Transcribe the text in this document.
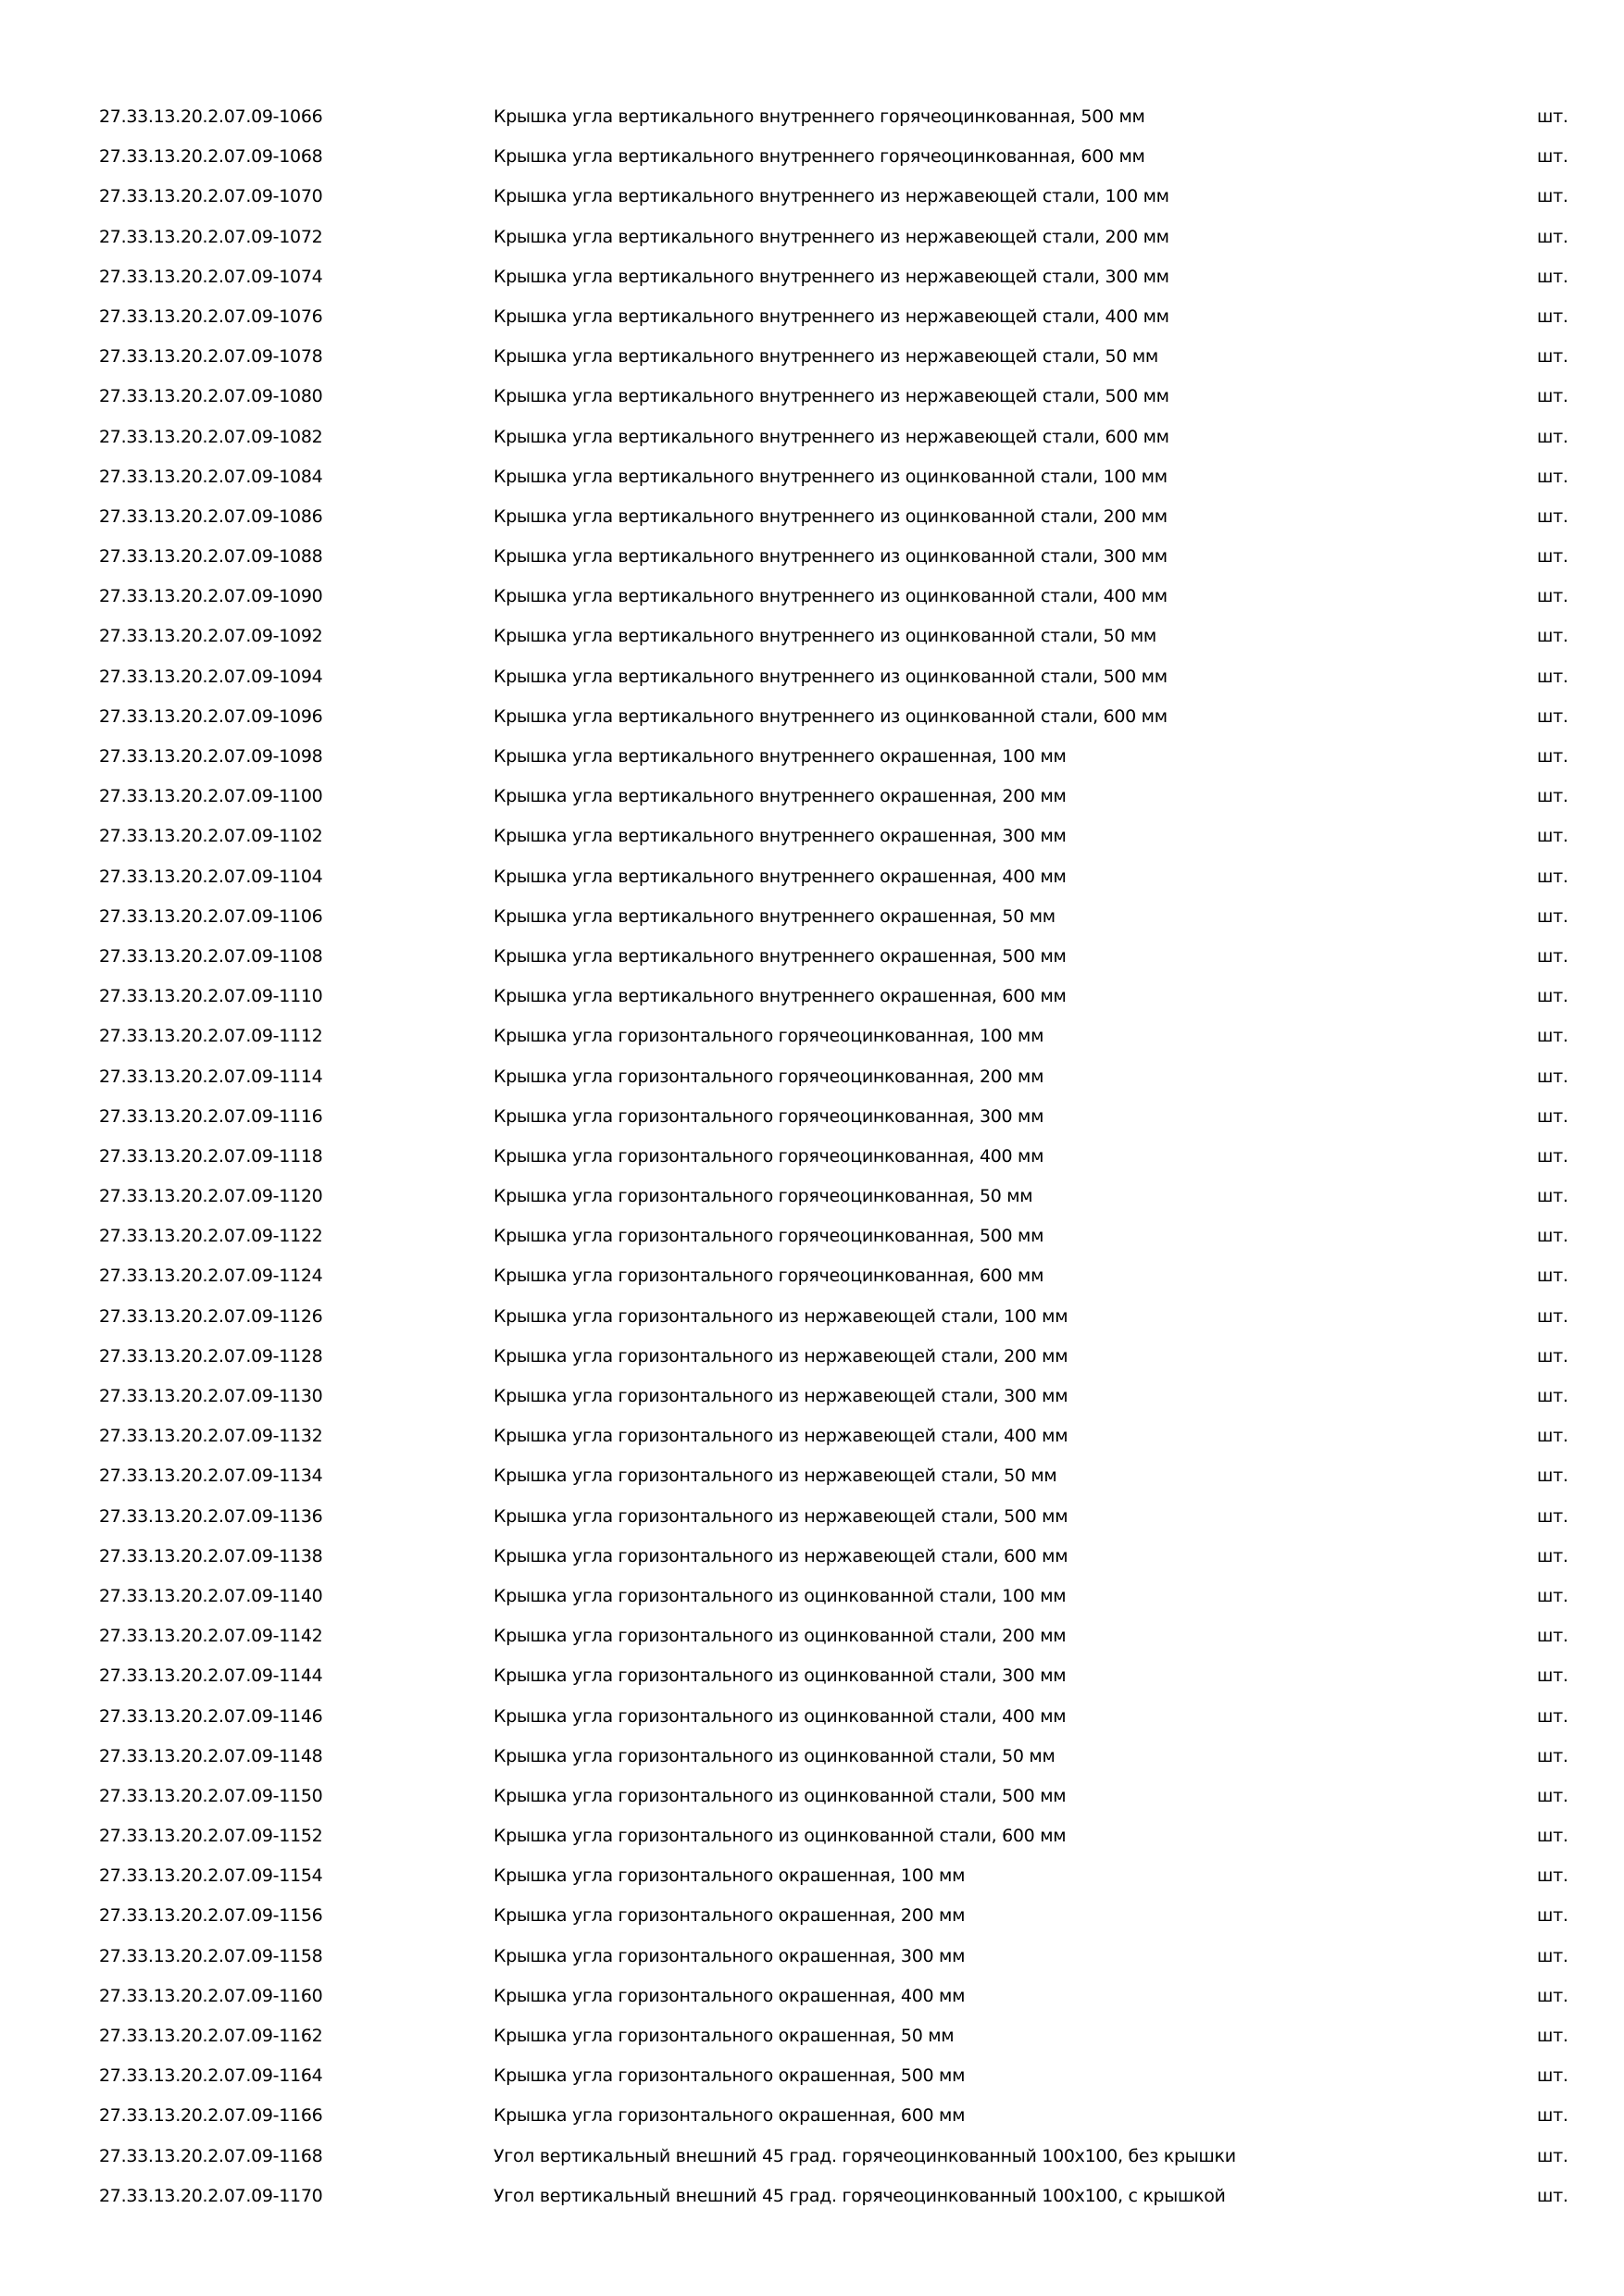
27.33.13.20.2.07.09-1066	Крышка угла вертикального внутреннего горячеоцинкованная, 500 мм	шт.
27.33.13.20.2.07.09-1068	Крышка угла вертикального внутреннего горячеоцинкованная, 600 мм	шт.
27.33.13.20.2.07.09-1070	Крышка угла вертикального внутреннего из нержавеющей стали, 100 мм	шт.
27.33.13.20.2.07.09-1072	Крышка угла вертикального внутреннего из нержавеющей стали, 200 мм	шт.
27.33.13.20.2.07.09-1074	Крышка угла вертикального внутреннего из нержавеющей стали, 300 мм	шт.
27.33.13.20.2.07.09-1076	Крышка угла вертикального внутреннего из нержавеющей стали, 400 мм	шт.
27.33.13.20.2.07.09-1078	Крышка угла вертикального внутреннего из нержавеющей стали, 50 мм	шт.
27.33.13.20.2.07.09-1080	Крышка угла вертикального внутреннего из нержавеющей стали, 500 мм	шт.
27.33.13.20.2.07.09-1082	Крышка угла вертикального внутреннего из нержавеющей стали, 600 мм	шт.
27.33.13.20.2.07.09-1084	Крышка угла вертикального внутреннего из оцинкованной стали, 100 мм	шт.
27.33.13.20.2.07.09-1086	Крышка угла вертикального внутреннего из оцинкованной стали, 200 мм	шт.
27.33.13.20.2.07.09-1088	Крышка угла вертикального внутреннего из оцинкованной стали, 300 мм	шт.
27.33.13.20.2.07.09-1090	Крышка угла вертикального внутреннего из оцинкованной стали, 400 мм	шт.
27.33.13.20.2.07.09-1092	Крышка угла вертикального внутреннего из оцинкованной стали, 50 мм	шт.
27.33.13.20.2.07.09-1094	Крышка угла вертикального внутреннего из оцинкованной стали, 500 мм	шт.
27.33.13.20.2.07.09-1096	Крышка угла вертикального внутреннего из оцинкованной стали, 600 мм	шт.
27.33.13.20.2.07.09-1098	Крышка угла вертикального внутреннего окрашенная, 100 мм	шт.
27.33.13.20.2.07.09-1100	Крышка угла вертикального внутреннего окрашенная, 200 мм	шт.
27.33.13.20.2.07.09-1102	Крышка угла вертикального внутреннего окрашенная, 300 мм	шт.
27.33.13.20.2.07.09-1104	Крышка угла вертикального внутреннего окрашенная, 400 мм	шт.
27.33.13.20.2.07.09-1106	Крышка угла вертикального внутреннего окрашенная, 50 мм	шт.
27.33.13.20.2.07.09-1108	Крышка угла вертикального внутреннего окрашенная, 500 мм	шт.
27.33.13.20.2.07.09-1110	Крышка угла вертикального внутреннего окрашенная, 600 мм	шт.
27.33.13.20.2.07.09-1112	Крышка угла горизонтального горячеоцинкованная, 100 мм	шт.
27.33.13.20.2.07.09-1114	Крышка угла горизонтального горячеоцинкованная, 200 мм	шт.
27.33.13.20.2.07.09-1116	Крышка угла горизонтального горячеоцинкованная, 300 мм	шт.
27.33.13.20.2.07.09-1118	Крышка угла горизонтального горячеоцинкованная, 400 мм	шт.
27.33.13.20.2.07.09-1120	Крышка угла горизонтального горячеоцинкованная, 50 мм	шт.
27.33.13.20.2.07.09-1122	Крышка угла горизонтального горячеоцинкованная, 500 мм	шт.
27.33.13.20.2.07.09-1124	Крышка угла горизонтального горячеоцинкованная, 600 мм	шт.
27.33.13.20.2.07.09-1126	Крышка угла горизонтального из нержавеющей стали, 100 мм	шт.
27.33.13.20.2.07.09-1128	Крышка угла горизонтального из нержавеющей стали, 200 мм	шт.
27.33.13.20.2.07.09-1130	Крышка угла горизонтального из нержавеющей стали, 300 мм	шт.
27.33.13.20.2.07.09-1132	Крышка угла горизонтального из нержавеющей стали, 400 мм	шт.
27.33.13.20.2.07.09-1134	Крышка угла горизонтального из нержавеющей стали, 50 мм	шт.
27.33.13.20.2.07.09-1136	Крышка угла горизонтального из нержавеющей стали, 500 мм	шт.
27.33.13.20.2.07.09-1138	Крышка угла горизонтального из нержавеющей стали, 600 мм	шт.
27.33.13.20.2.07.09-1140	Крышка угла горизонтального из оцинкованной стали, 100 мм	шт.
27.33.13.20.2.07.09-1142	Крышка угла горизонтального из оцинкованной стали, 200 мм	шт.
27.33.13.20.2.07.09-1144	Крышка угла горизонтального из оцинкованной стали, 300 мм	шт.
27.33.13.20.2.07.09-1146	Крышка угла горизонтального из оцинкованной стали, 400 мм	шт.
27.33.13.20.2.07.09-1148	Крышка угла горизонтального из оцинкованной стали, 50 мм	шт.
27.33.13.20.2.07.09-1150	Крышка угла горизонтального из оцинкованной стали, 500 мм	шт.
27.33.13.20.2.07.09-1152	Крышка угла горизонтального из оцинкованной стали, 600 мм	шт.
27.33.13.20.2.07.09-1154	Крышка угла горизонтального окрашенная, 100 мм	шт.
27.33.13.20.2.07.09-1156	Крышка угла горизонтального окрашенная, 200 мм	шт.
27.33.13.20.2.07.09-1158	Крышка угла горизонтального окрашенная, 300 мм	шт.
27.33.13.20.2.07.09-1160	Крышка угла горизонтального окрашенная, 400 мм	шт.
27.33.13.20.2.07.09-1162	Крышка угла горизонтального окрашенная, 50 мм	шт.
27.33.13.20.2.07.09-1164	Крышка угла горизонтального окрашенная, 500 мм	шт.
27.33.13.20.2.07.09-1166	Крышка угла горизонтального окрашенная, 600 мм	шт.
27.33.13.20.2.07.09-1168	Угол вертикальный внешний 45 град. горячеоцинкованный 100х100, без крышки	шт.
27.33.13.20.2.07.09-1170	Угол вертикальный внешний 45 град. горячеоцинкованный 100х100, с крышкой	шт.
